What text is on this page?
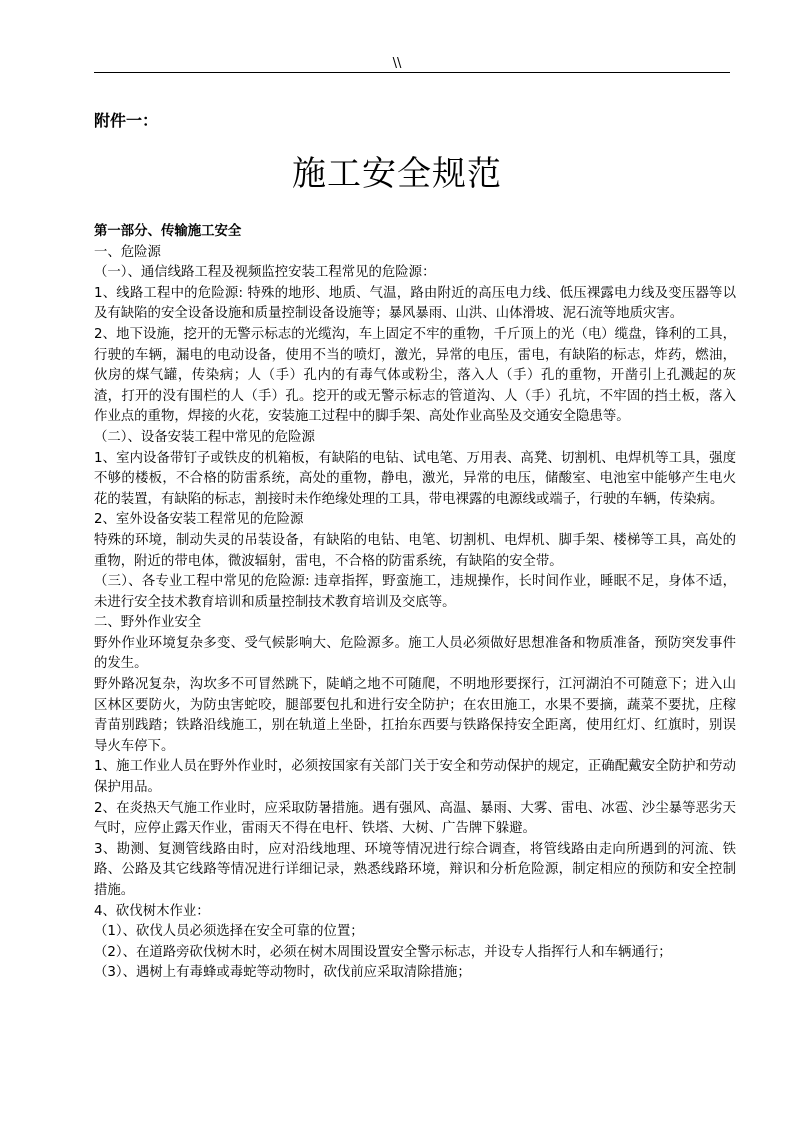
\\
附件一：
施工安全规范

第一部分、传输施工安全

一、危险源

（一）、通信线路工程及视频监控安装工程常见的危险源：

1、线路工程中的危险源: 特殊的地形、地质、气温，路由附近的高压电力线、低压裸露电力线及变压器等以及有缺陷的安全设备设施和质量控制设备设施等；暴风暴雨、山洪、山体滑坡、泥石流等地质灾害。

2、地下设施，挖开的无警示标志的光缆沟，车上固定不牢的重物，千斤顶上的光（电）缆盘，锋利的工具，行驶的车辆，漏电的电动设备，使用不当的喷灯，激光，异常的电压，雷电，有缺陷的标志，炸药，燃油，伙房的煤气罐，传染病；人（手）孔内的有毒气体或粉尘，落入人（手）孔的重物，开凿引上孔溅起的灰渣，打开的没有围栏的人（手）孔。挖开的或无警示标志的管道沟、人（手）孔坑，不牢固的挡土板，落入作业点的重物，焊接的火花，安装施工过程中的脚手架、高处作业高坠及交通安全隐患等。

（二）、设备安装工程中常见的危险源

1、室内设备带钉子或铁皮的机箱板，有缺陷的电钻、试电笔、万用表、高凳、切割机、电焊机等工具，强度不够的楼板，不合格的防雷系统，高处的重物，静电，激光，异常的电压，储酸室、电池室中能够产生电火花的装置，有缺陷的标志，割接时未作绝缘处理的工具，带电裸露的电源线或端子，行驶的车辆，传染病。

2、室外设备安装工程常见的危险源

特殊的环境，制动失灵的吊装设备，有缺陷的电钻、电笔、切割机、电焊机、脚手架、楼梯等工具，高处的重物，附近的带电体，微波辐射，雷电，不合格的防雷系统，有缺陷的安全带。

（三）、各专业工程中常见的危险源: 违章指挥，野蛮施工，违规操作，长时间作业，睡眠不足，身体不适，未进行安全技术教育培训和质量控制技术教育培训及交底等。

二、野外作业安全

野外作业环境复杂多变、受气候影响大、危险源多。施工人员必须做好思想准备和物质准备，预防突发事件的发生。

野外路况复杂，沟坎多不可冒然跳下，陡峭之地不可随爬，不明地形要探行，江河湖泊不可随意下；进入山区林区要防火，为防虫害蛇咬，腿部要包扎和进行安全防护；在农田施工，水果不要摘，蔬菜不要扰，庄稼青苗别践踏；铁路沿线施工，别在轨道上坐卧，扛抬东西要与铁路保持安全距离，使用红灯、红旗时，别误导火车停下。

1、施工作业人员在野外作业时，必须按国家有关部门关于安全和劳动保护的规定，正确配戴安全防护和劳动保护用品。

2、在炎热天气施工作业时，应采取防暑措施。遇有强风、高温、暴雨、大雾、雷电、冰雹、沙尘暴等恶劣天气时，应停止露天作业，雷雨天不得在电杆、铁塔、大树、广告牌下躲避。

3、勘测、复测管线路由时，应对沿线地理、环境等情况进行综合调查，将管线路由走向所遇到的河流、铁路、公路及其它线路等情况进行详细记录，熟悉线路环境，辩识和分析危险源，制定相应的预防和安全控制措施。

4、砍伐树木作业：

（1）、砍伐人员必须选择在安全可靠的位置；

（2）、在道路旁砍伐树木时，必须在树木周围设置安全警示标志，并设专人指挥行人和车辆通行；

（3）、遇树上有毒蜂或毒蛇等动物时，砍伐前应采取清除措施；
